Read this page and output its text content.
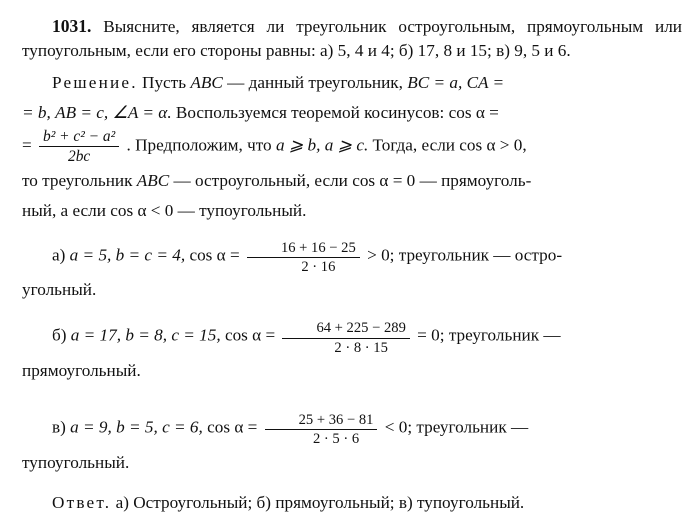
1031. Выясните, является ли треугольник остроугольным, прямоугольным или тупоугольным, если его стороны равны: а) 5, 4 и 4; б) 17, 8 и 15; в) 9, 5 и 6.

Решение. Пусть ABC — данный треугольник, BC = a, CA =

= b, AB = c, ∠A = α. Воспользуемся теоремой косинусов: cos α =

= $\frac{\text{b² + c² − a²}}{2bc}$ . Предположим, что a ⩾ b, a ⩾ c. Тогда, если cos α > 0,

то треугольник ABC — остроугольный, если cos α = 0 — прямоуголь-

ный, а если cos α < 0 — тупоугольный.

а) a = 5, b = c = 4, $\cos \alpha = \frac{16 + 16 - 25}{2 \cdot 16} > 0$; треугольник — остро-

угольный.

б) a = 17, b = 8, c = 15, $\cos \alpha = \frac{64 + 225 - 289}{2 \cdot 8 \cdot 15} = 0$; треугольник —

прямоугольный.

в) a = 9, b = 5, c = 6, $\cos \alpha = \frac{25 + 36 - 81}{2 \cdot 5 \cdot 6} < 0$; треугольник —

тупоугольный.

Ответ. а) Остроугольный; б) прямоугольный; в) тупоугольный.
